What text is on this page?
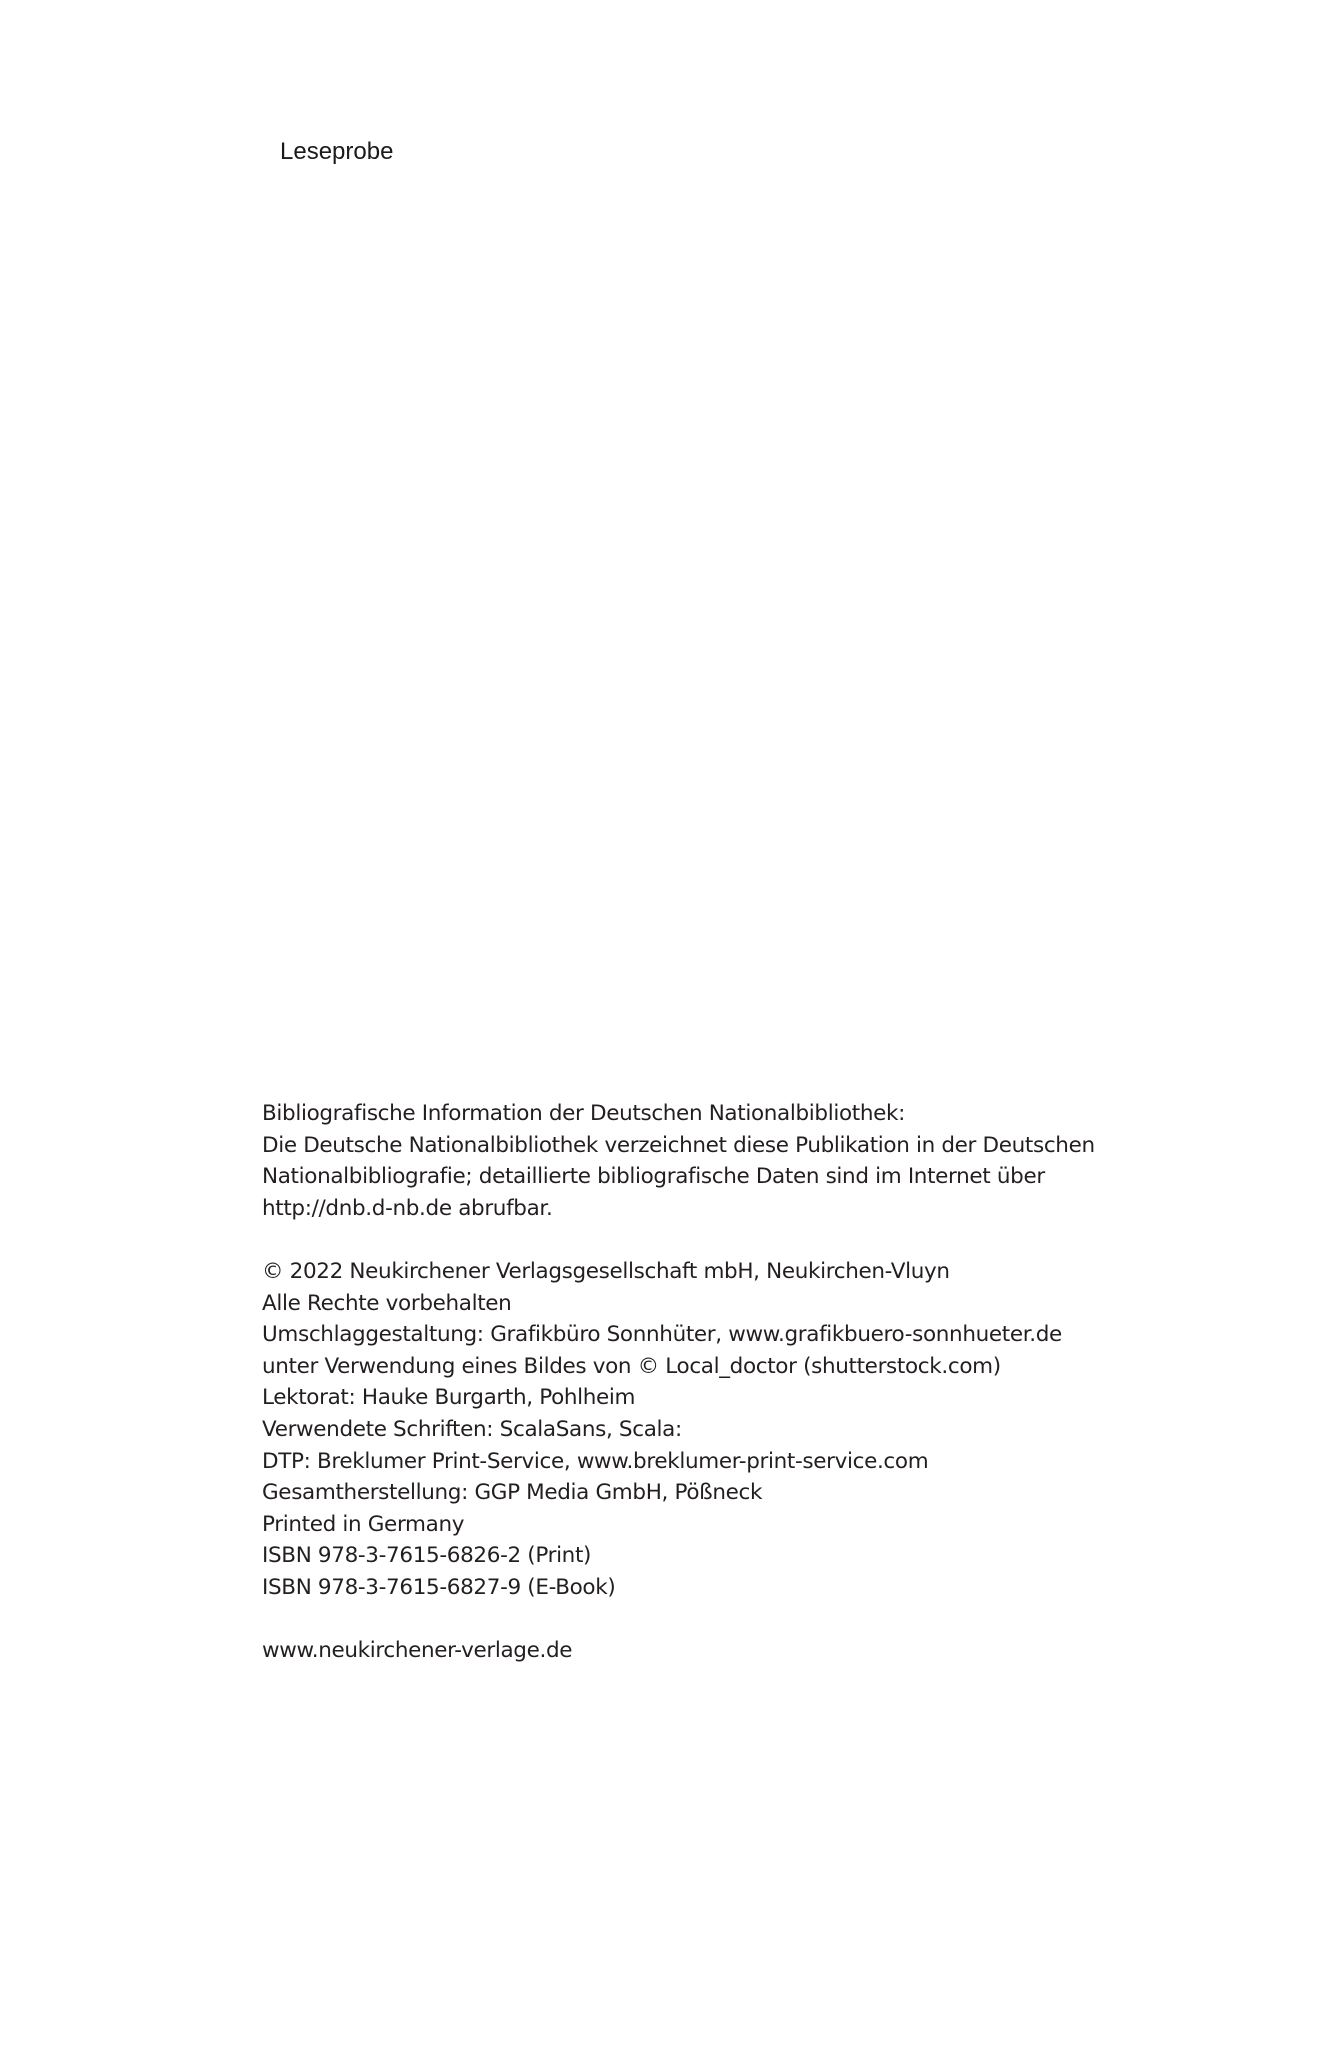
Leseprobe
Bibliografische Information der Deutschen Nationalbibliothek:
Die Deutsche Nationalbibliothek verzeichnet diese Publikation in der Deutschen
Nationalbibliografie; detaillierte bibliografische Daten sind im Internet über
http://dnb.d-nb.de abrufbar.
© 2022 Neukirchener Verlagsgesellschaft mbH, Neukirchen-Vluyn
Alle Rechte vorbehalten
Umschlaggestaltung: Grafikbüro Sonnhüter, www.grafikbuero-sonnhueter.de
unter Verwendung eines Bildes von © Local_doctor (shutterstock.com)
Lektorat: Hauke Burgarth, Pohlheim
Verwendete Schriften: ScalaSans, Scala:
DTP: Breklumer Print-Service, www.breklumer-print-service.com
Gesamtherstellung: GGP Media GmbH, Pößneck
Printed in Germany
ISBN 978-3-7615-6826-2 (Print)
ISBN 978-3-7615-6827-9 (E-Book)
www.neukirchener-verlage.de
